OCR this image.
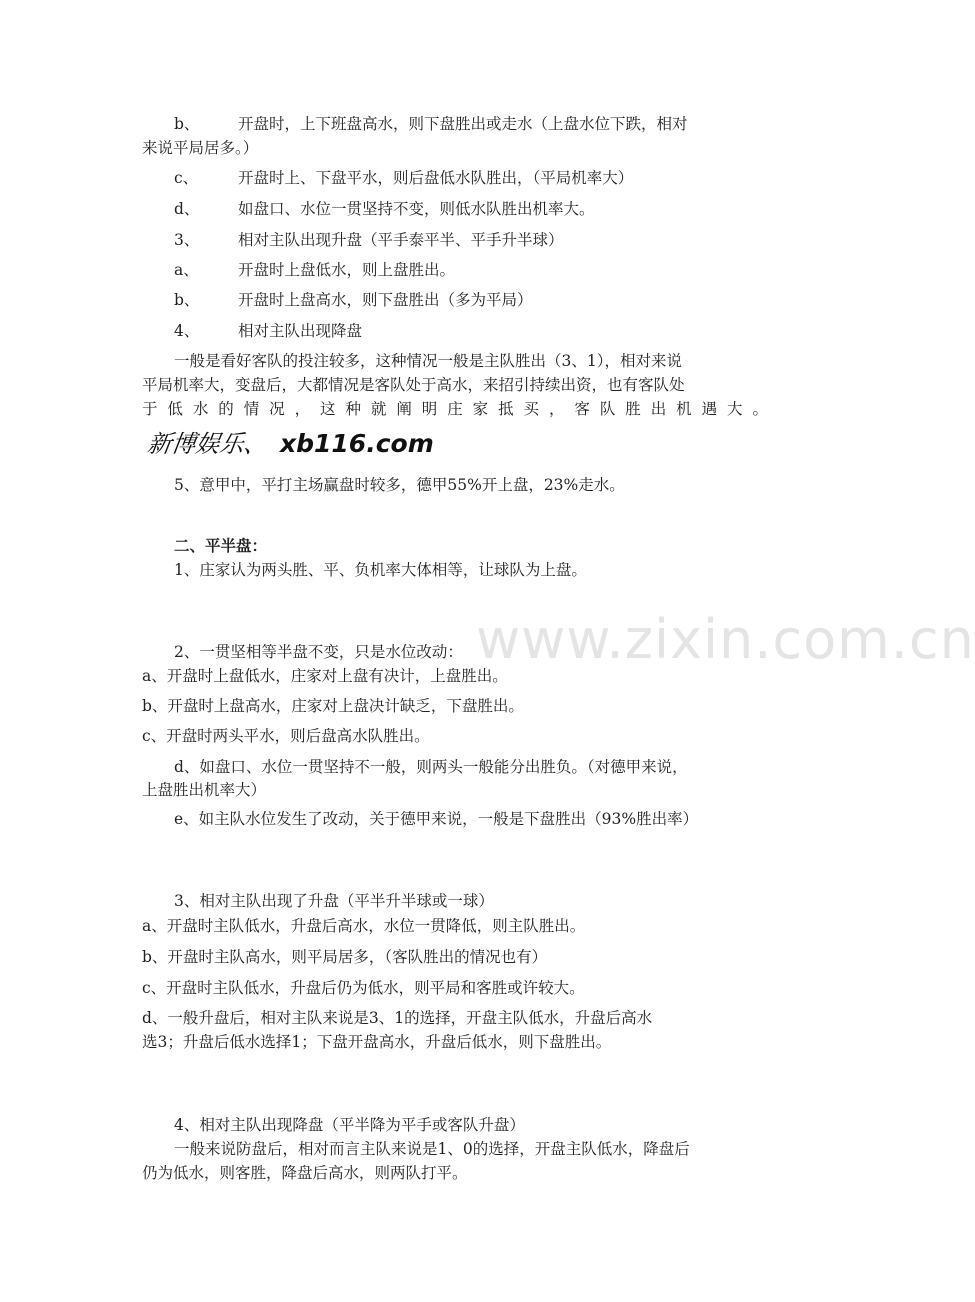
www.zixin.com.cn
b、 开盘时，上下班盘高水，则下盘胜出或走水（上盘水位下跌，相对
来说平局居多。）
c、	开盘时上、下盘平水，则后盘低水队胜出，（平局机率大）
d、 如盘口、水位一贯坚持不变，则低水队胜出机率大。
3、 相对主队出现升盘（平手泰平半、平手升半球）
a、	开盘时上盘低水，则上盘胜出。
b、 开盘时上盘高水，则下盘胜出（多为平局）
4、 相对主队出现降盘
一般是看好客队的投注较多，这种情况一般是主队胜出（3、1），相对来说
平局机率大，变盘后，大都情况是客队处于高水，来招引持续出资，也有客队处
于低水的情况，这种就阐明庄家抵买，客队胜出机遇大。
新博娱乐、 xb116.com
5、意甲中，平打主场赢盘时较多，德甲55%开上盘，23%走水。
二、平半盘：
1、庄家认为两头胜、平、负机率大体相等，让球队为上盘。
2、一贯坚相等半盘不变，只是水位改动：
a、开盘时上盘低水，庄家对上盘有决计，上盘胜出。
b、开盘时上盘高水，庄家对上盘决计缺乏，下盘胜出。
c、开盘时两头平水，则后盘高水队胜出。
d、如盘口、水位一贯坚持不一般，则两头一般能分出胜负。（对德甲来说，
上盘胜出机率大）
e、如主队水位发生了改动，关于德甲来说，一般是下盘胜出（93%胜出率）
3、相对主队出现了升盘（平半升半球或一球）
a、开盘时主队低水，升盘后高水，水位一贯降低，则主队胜出。
b、开盘时主队高水，则平局居多，（客队胜出的情况也有）
c、开盘时主队低水，升盘后仍为低水，则平局和客胜或许较大。
d、一般升盘后，相对主队来说是3、1的选择，开盘主队低水，升盘后高水
选3；升盘后低水选择1；下盘开盘高水，升盘后低水，则下盘胜出。
4、相对主队出现降盘（平半降为平手或客队升盘）
一般来说防盘后，相对而言主队来说是1、0的选择，开盘主队低水，降盘后
仍为低水，则客胜，降盘后高水，则两队打平。
